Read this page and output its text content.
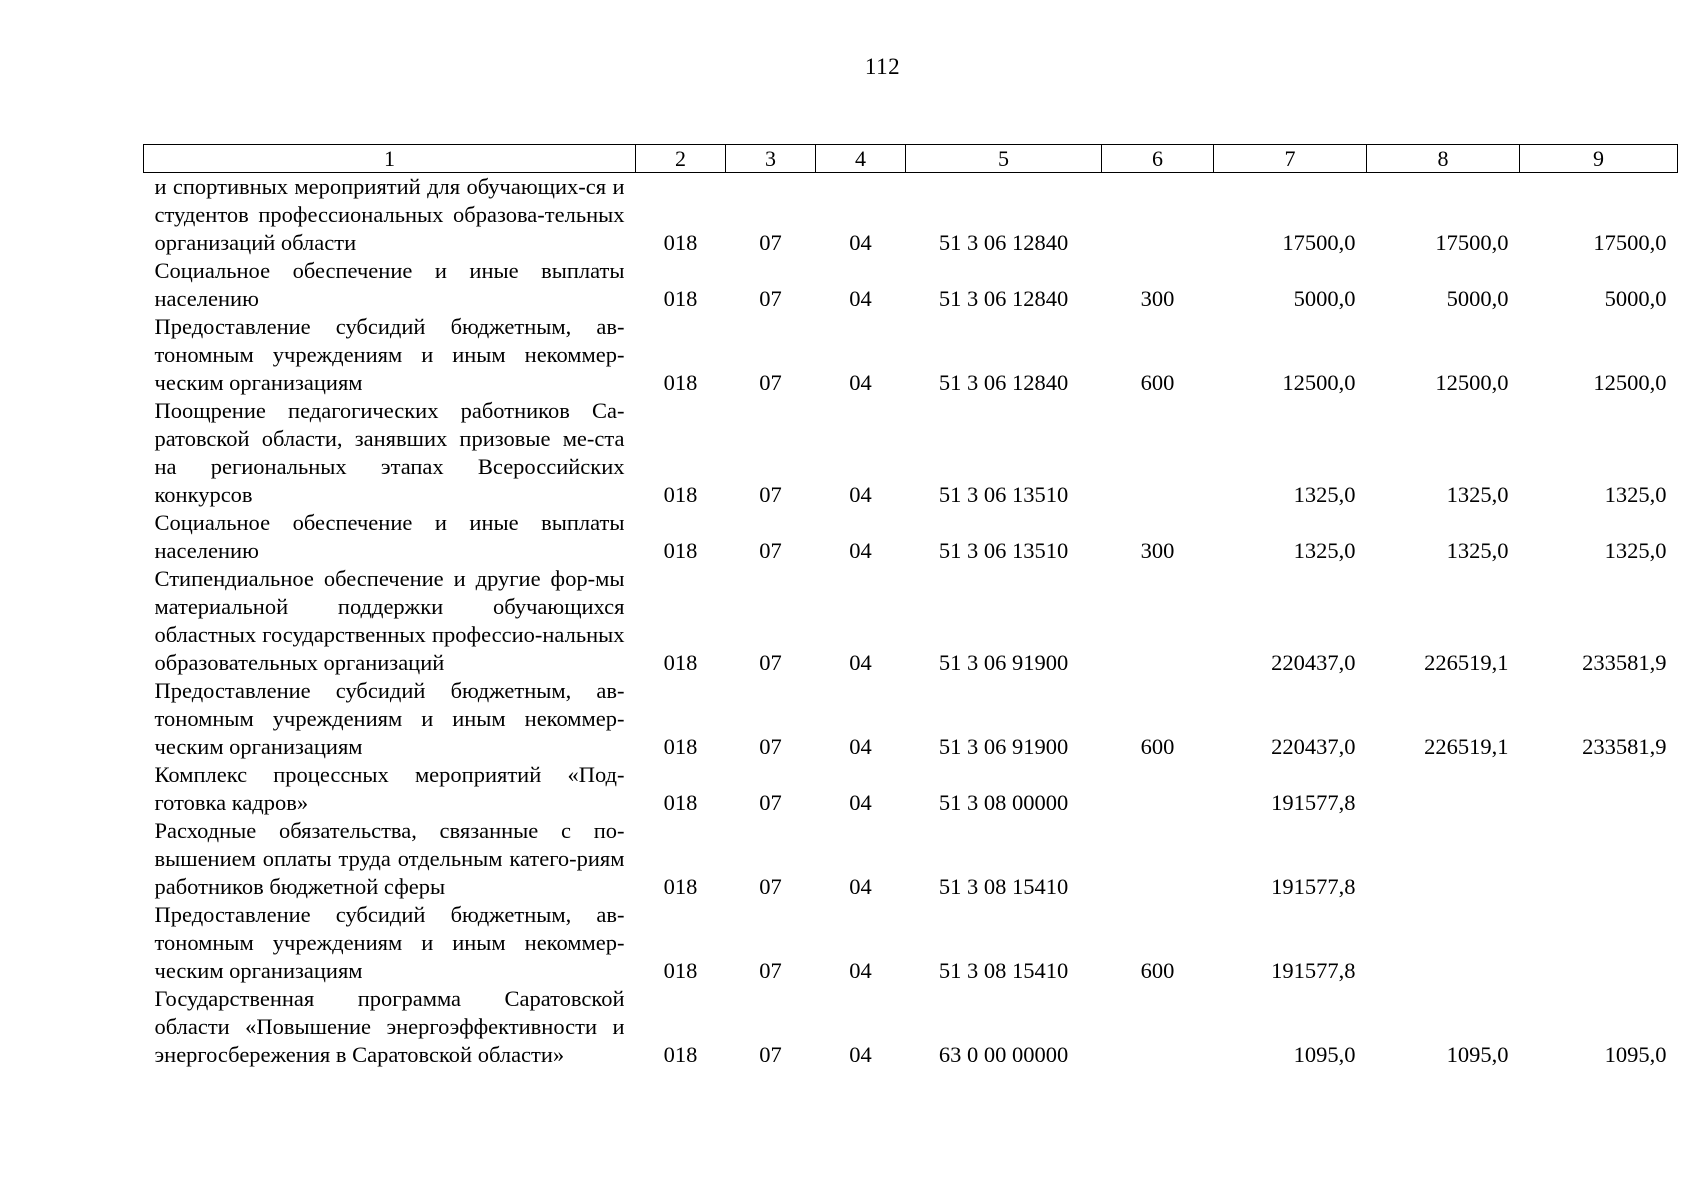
112
1	2	3	4	5	6	7	8	9
и спортивных мероприятий для обучающих-ся и студентов профессиональных образова-тельных организаций области	018	07	04	51 3 06 12840		17500,0	17500,0	17500,0
Социальное обеспечение и иные выплаты населению	018	07	04	51 3 06 12840	300	5000,0	5000,0	5000,0
Предоставление субсидий бюджетным, ав-тономным учреждениям и иным некоммер-ческим организациям	018	07	04	51 3 06 12840	600	12500,0	12500,0	12500,0
Поощрение педагогических работников Са-ратовской области, занявших призовые ме-ста на региональных этапах Всероссийских конкурсов	018	07	04	51 3 06 13510		1325,0	1325,0	1325,0
Социальное обеспечение и иные выплаты населению	018	07	04	51 3 06 13510	300	1325,0	1325,0	1325,0
Стипендиальное обеспечение и другие фор-мы материальной поддержки обучающихся областных государственных профессио-нальных образовательных организаций	018	07	04	51 3 06 91900		220437,0	226519,1	233581,9
Предоставление субсидий бюджетным, ав-тономным учреждениям и иным некоммер-ческим организациям	018	07	04	51 3 06 91900	600	220437,0	226519,1	233581,9
Комплекс процессных мероприятий «Под-готовка кадров»	018	07	04	51 3 08 00000		191577,8		
Расходные обязательства, связанные с по-вышением оплаты труда отдельным катего-риям работников бюджетной сферы	018	07	04	51 3 08 15410		191577,8		
Предоставление субсидий бюджетным, ав-тономным учреждениям и иным некоммер-ческим организациям	018	07	04	51 3 08 15410	600	191577,8		
Государственная программа Саратовской области «Повышение энергоэффективности и энергосбережения в Саратовской области»	018	07	04	63 0 00 00000		1095,0	1095,0	1095,0
